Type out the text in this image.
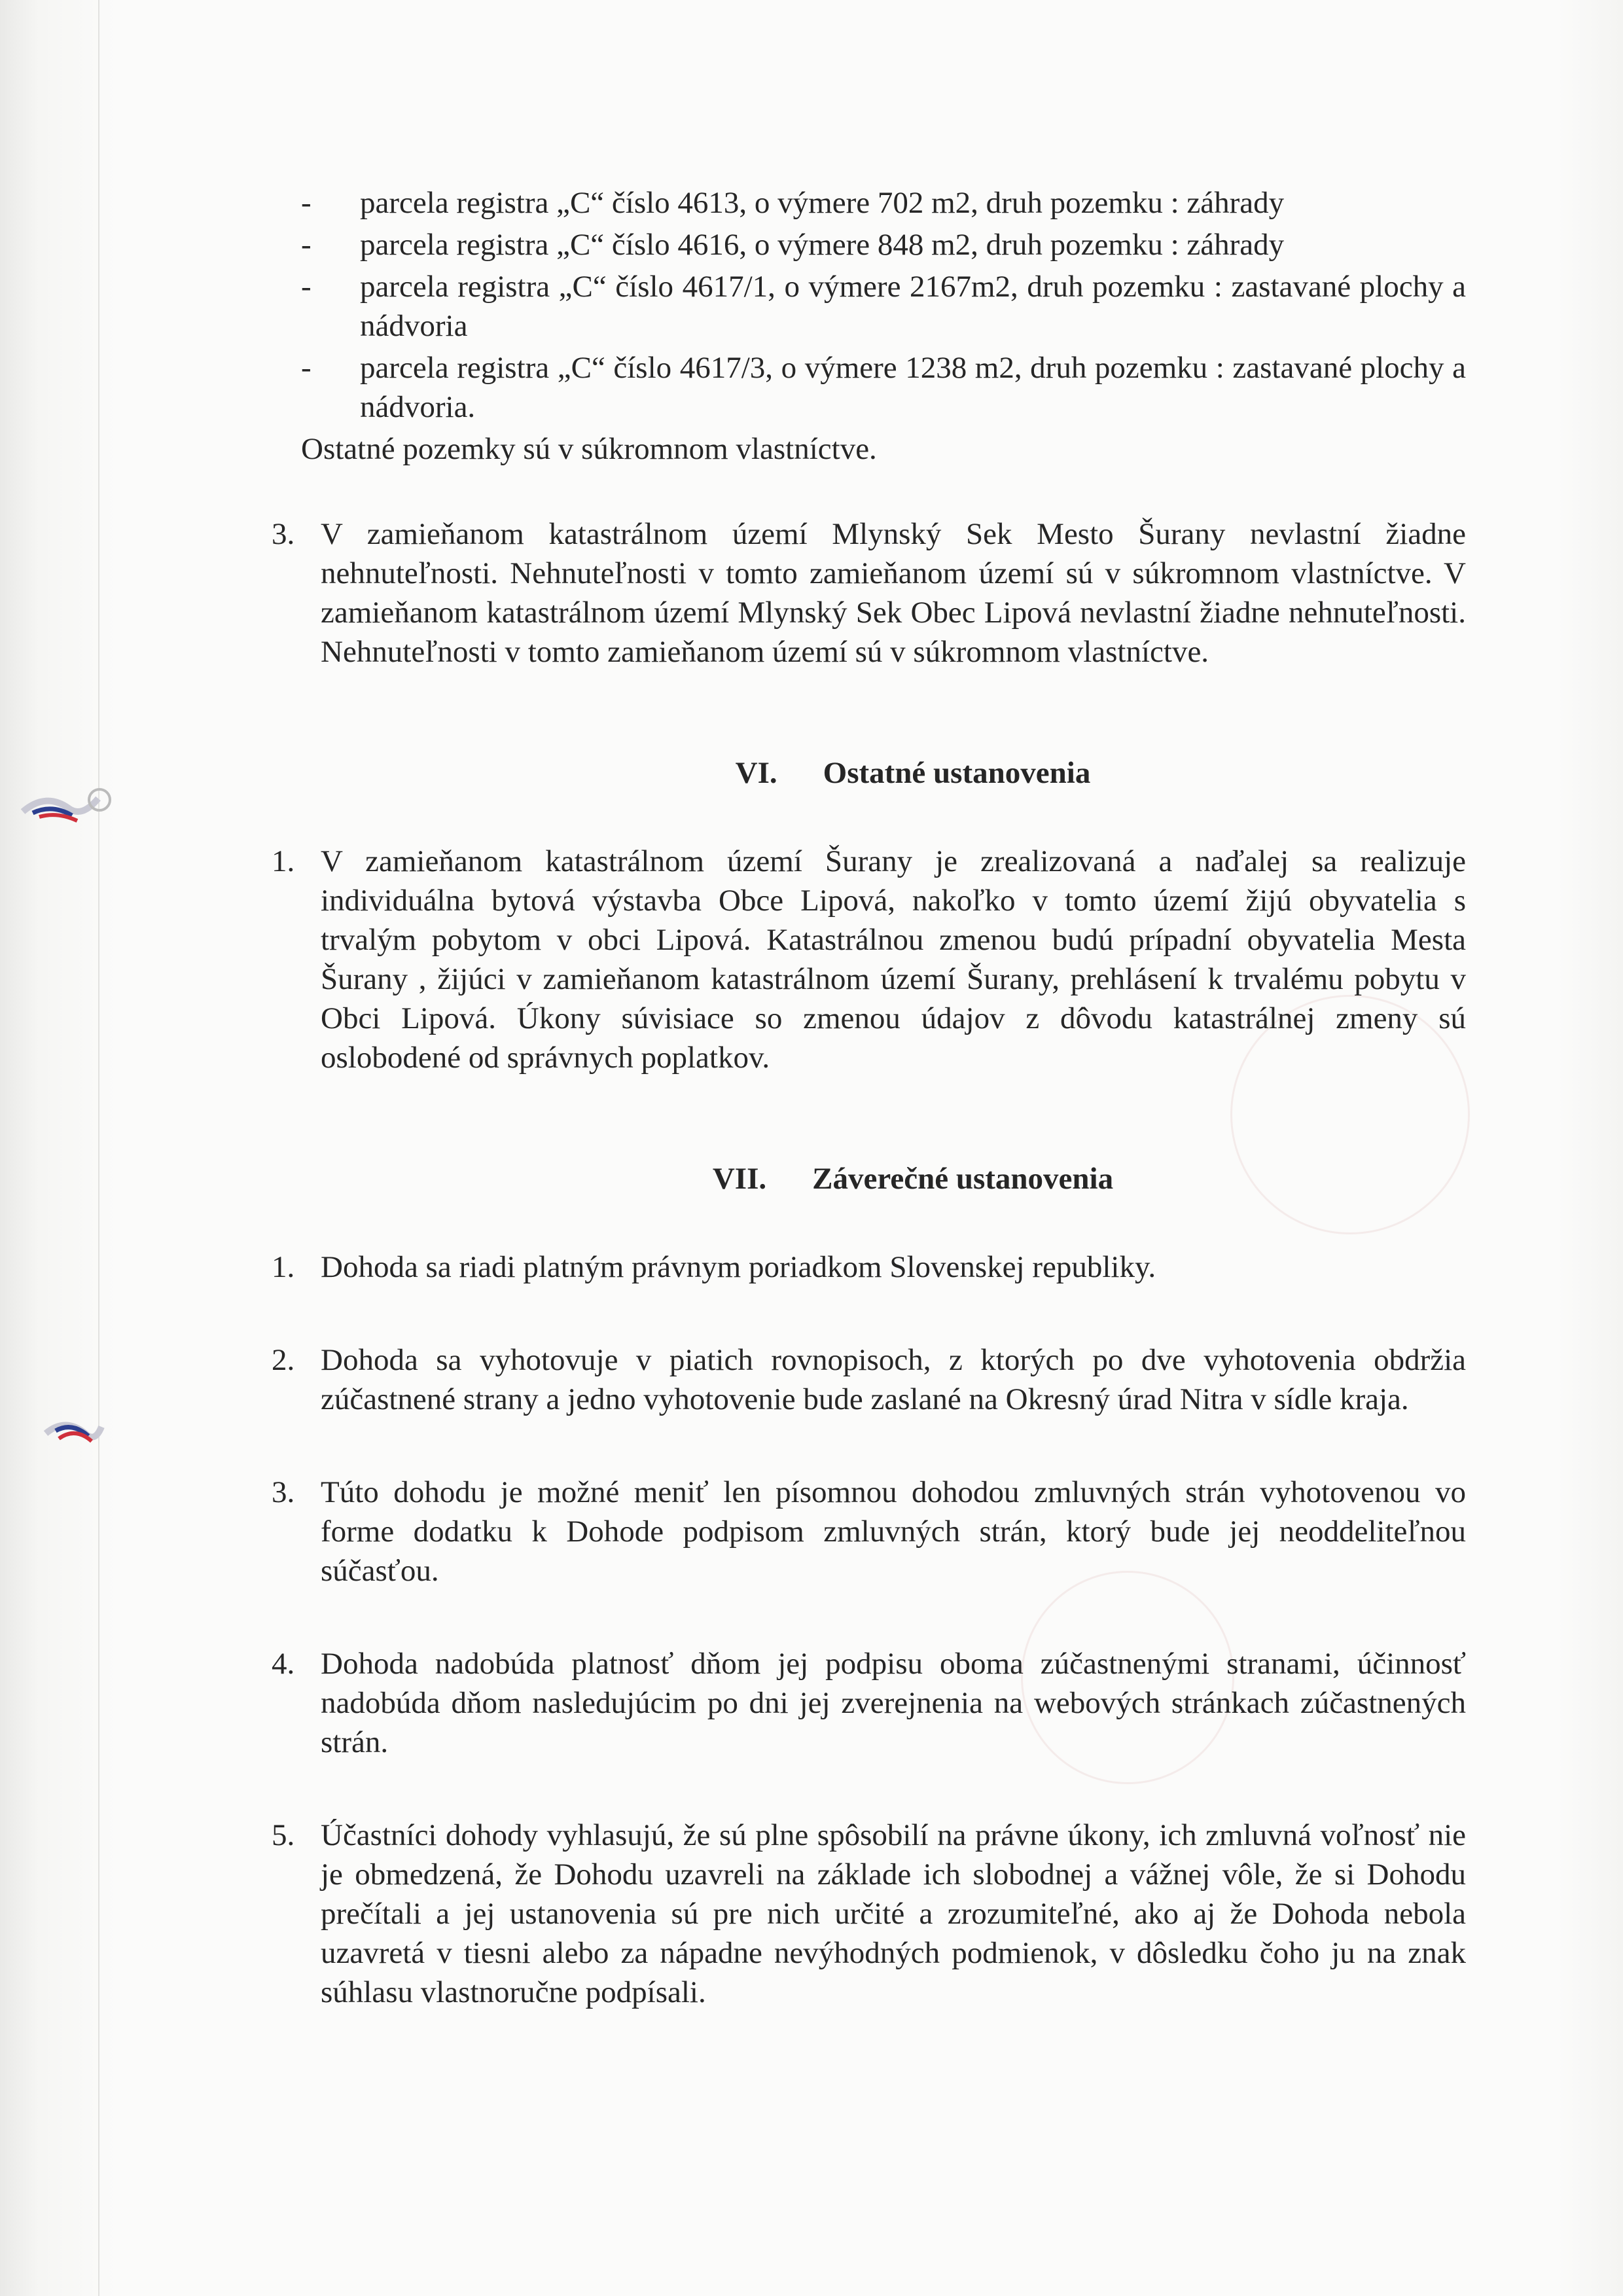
- parcela registra „C“ číslo 4613, o výmere 702 m2, druh pozemku : záhrady
- parcela registra „C“ číslo 4616, o výmere 848 m2, druh pozemku : záhrady
- parcela registra „C“ číslo 4617/1, o výmere 2167m2, druh pozemku : zastavané plochy a nádvoria
- parcela registra „C“ číslo 4617/3, o výmere 1238 m2, druh pozemku : zastavané plochy a nádvoria.
Ostatné pozemky sú v súkromnom vlastníctve.
3. V zamieňanom katastrálnom území Mlynský Sek Mesto Šurany nevlastní žiadne nehnuteľnosti. Nehnuteľnosti v tomto zamieňanom území sú v súkromnom vlastníctve. V zamieňanom katastrálnom území Mlynský Sek Obec Lipová nevlastní žiadne nehnuteľnosti. Nehnuteľnosti v tomto zamieňanom území sú v súkromnom vlastníctve.
VI. Ostatné ustanovenia
1. V zamieňanom katastrálnom území Šurany je zrealizovaná a naďalej sa realizuje individuálna bytová výstavba Obce Lipová, nakoľko v tomto území žijú obyvatelia s trvalým pobytom v obci Lipová. Katastrálnou zmenou budú prípadní obyvatelia Mesta Šurany , žijúci v zamieňanom katastrálnom území Šurany, prehlásení k trvalému pobytu v Obci Lipová. Úkony súvisiace so zmenou údajov z dôvodu katastrálnej zmeny sú oslobodené od správnych poplatkov.
VII. Záverečné ustanovenia
1. Dohoda sa riadi platným právnym poriadkom Slovenskej republiky.
2. Dohoda sa vyhotovuje v piatich rovnopisoch, z ktorých po dve vyhotovenia obdržia zúčastnené strany a jedno vyhotovenie bude zaslané na Okresný úrad Nitra v sídle kraja.
3. Túto dohodu je možné meniť len písomnou dohodou zmluvných strán vyhotovenou vo forme dodatku k Dohode podpisom zmluvných strán, ktorý bude jej neoddeliteľnou súčasťou.
4. Dohoda nadobúda platnosť dňom jej podpisu oboma zúčastnenými stranami, účinnosť nadobúda dňom nasledujúcim po dni jej zverejnenia na webových stránkach zúčastnených strán.
5. Účastníci dohody vyhlasujú, že sú plne spôsobilí na právne úkony, ich zmluvná voľnosť nie je obmedzená, že Dohodu uzavreli na základe ich slobodnej a vážnej vôle, že si Dohodu prečítali a jej ustanovenia sú pre nich určité a zrozumiteľné, ako aj že Dohoda nebola uzavretá v tiesni alebo za nápadne nevýhodných podmienok, v dôsledku čoho ju na znak súhlasu vlastnoručne podpísali.
